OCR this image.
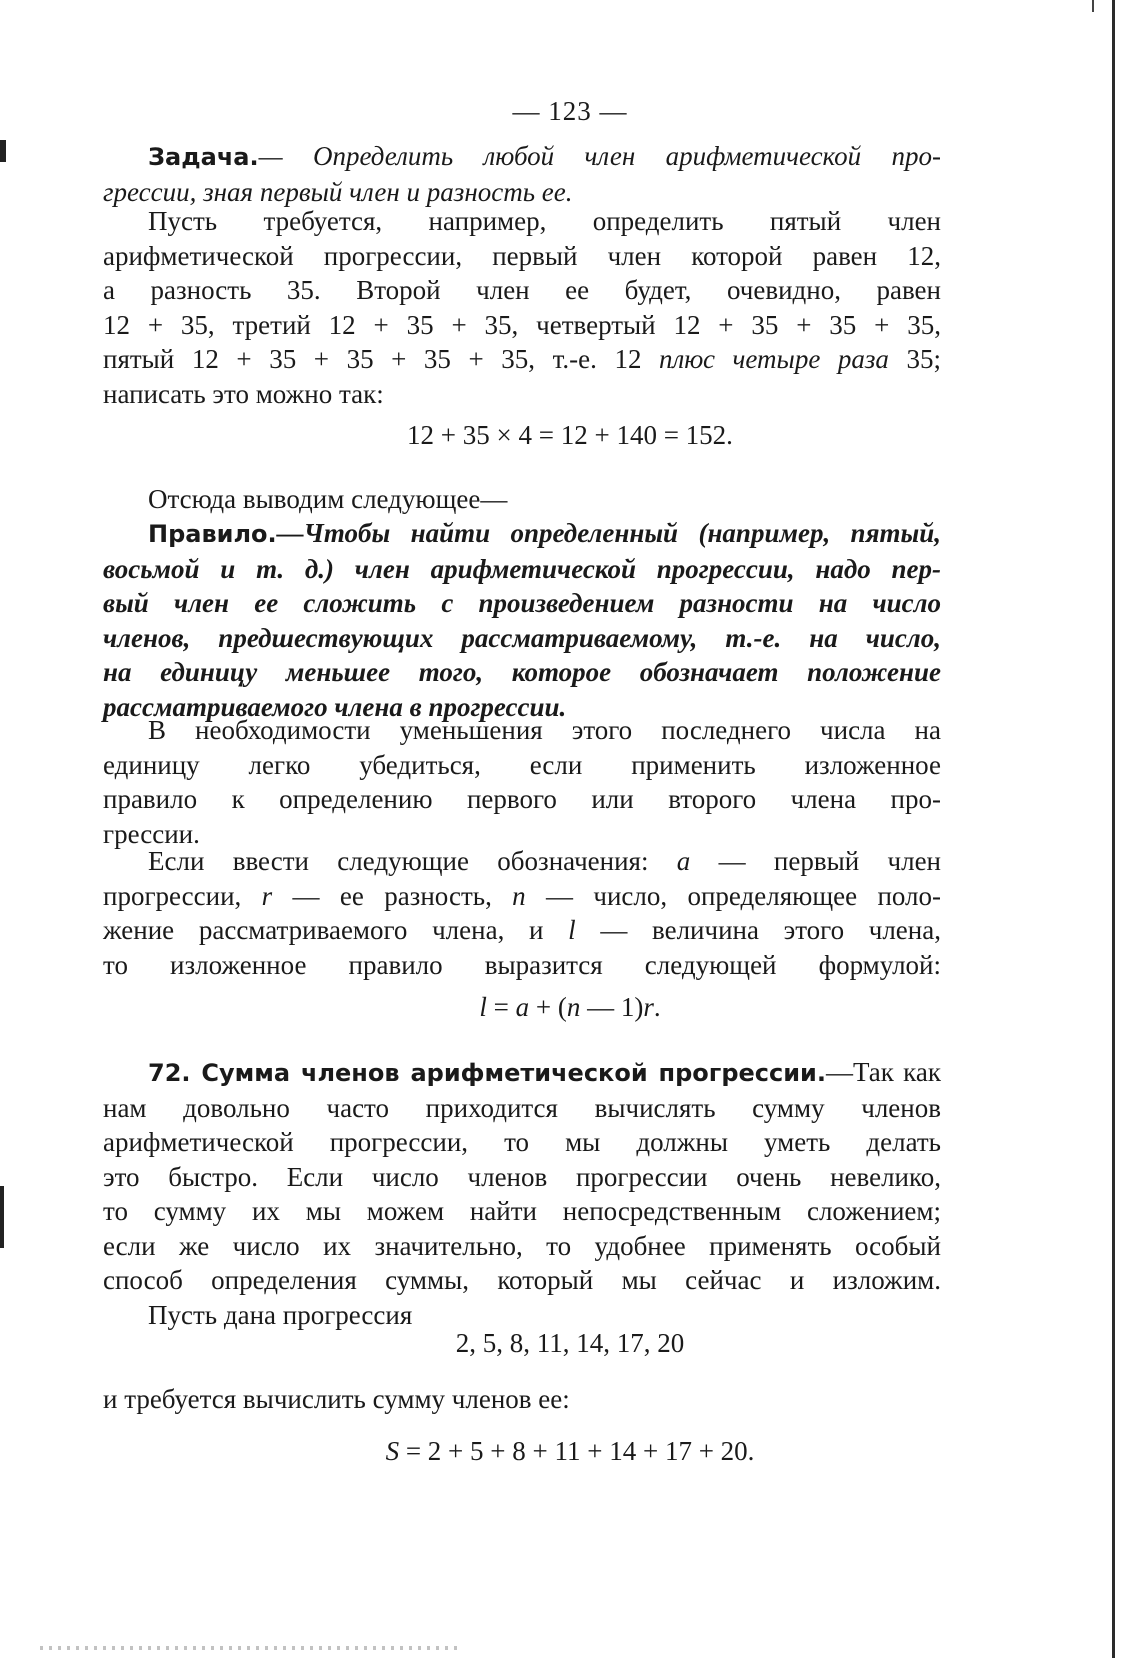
— 123 —
Задача.— Определить любой член арифметической про-
грессии, зная первый член и разность ее.
Пусть требуется, например, определить пятый член
арифметической прогрессии, первый член которой равен 12,
а разность 35. Второй член ее будет, очевидно, равен
12 + 35, третий 12 + 35 + 35, четвертый 12 + 35 + 35 + 35,
пятый 12 + 35 + 35 + 35 + 35, т.-е. 12 плюс четыре раза 35;
написать это можно так:
12 + 35 × 4 = 12 + 140 = 152.
Отсюда выводим следующее—
Правило.—Чтобы найти определенный (например, пятый,
восьмой и т. д.) член арифметической прогрессии, надо пер-
вый член ее сложить с произведением разности на число
членов, предшествующих рассматриваемому, т.-е. на число,
на единицу меньшее того, которое обозначает положение
рассматриваемого члена в прогрессии.
В необходимости уменьшения этого последнего числа на
единицу легко убедиться, если применить изложенное
правило к определению первого или второго члена про-
грессии.
Если ввести следующие обозначения: a — первый член
прогрессии, r — ее разность, n — число, определяющее поло-
жение рассматриваемого члена, и l — величина этого члена,
то изложенное правило выразится следующей формулой:
l = a + (n — 1)r.
72. Сумма членов арифметической прогрессии.—Так как
нам довольно часто приходится вычислять сумму членов
арифметической прогрессии, то мы должны уметь делать
это быстро. Если число членов прогрессии очень невелико,
то сумму их мы можем найти непосредственным сложением;
если же число их значительно, то удобнее применять особый
способ определения суммы, который мы сейчас и изложим.
Пусть дана прогрессия
2, 5, 8, 11, 14, 17, 20
и требуется вычислить сумму членов ее:
S = 2 + 5 + 8 + 11 + 14 + 17 + 20.
